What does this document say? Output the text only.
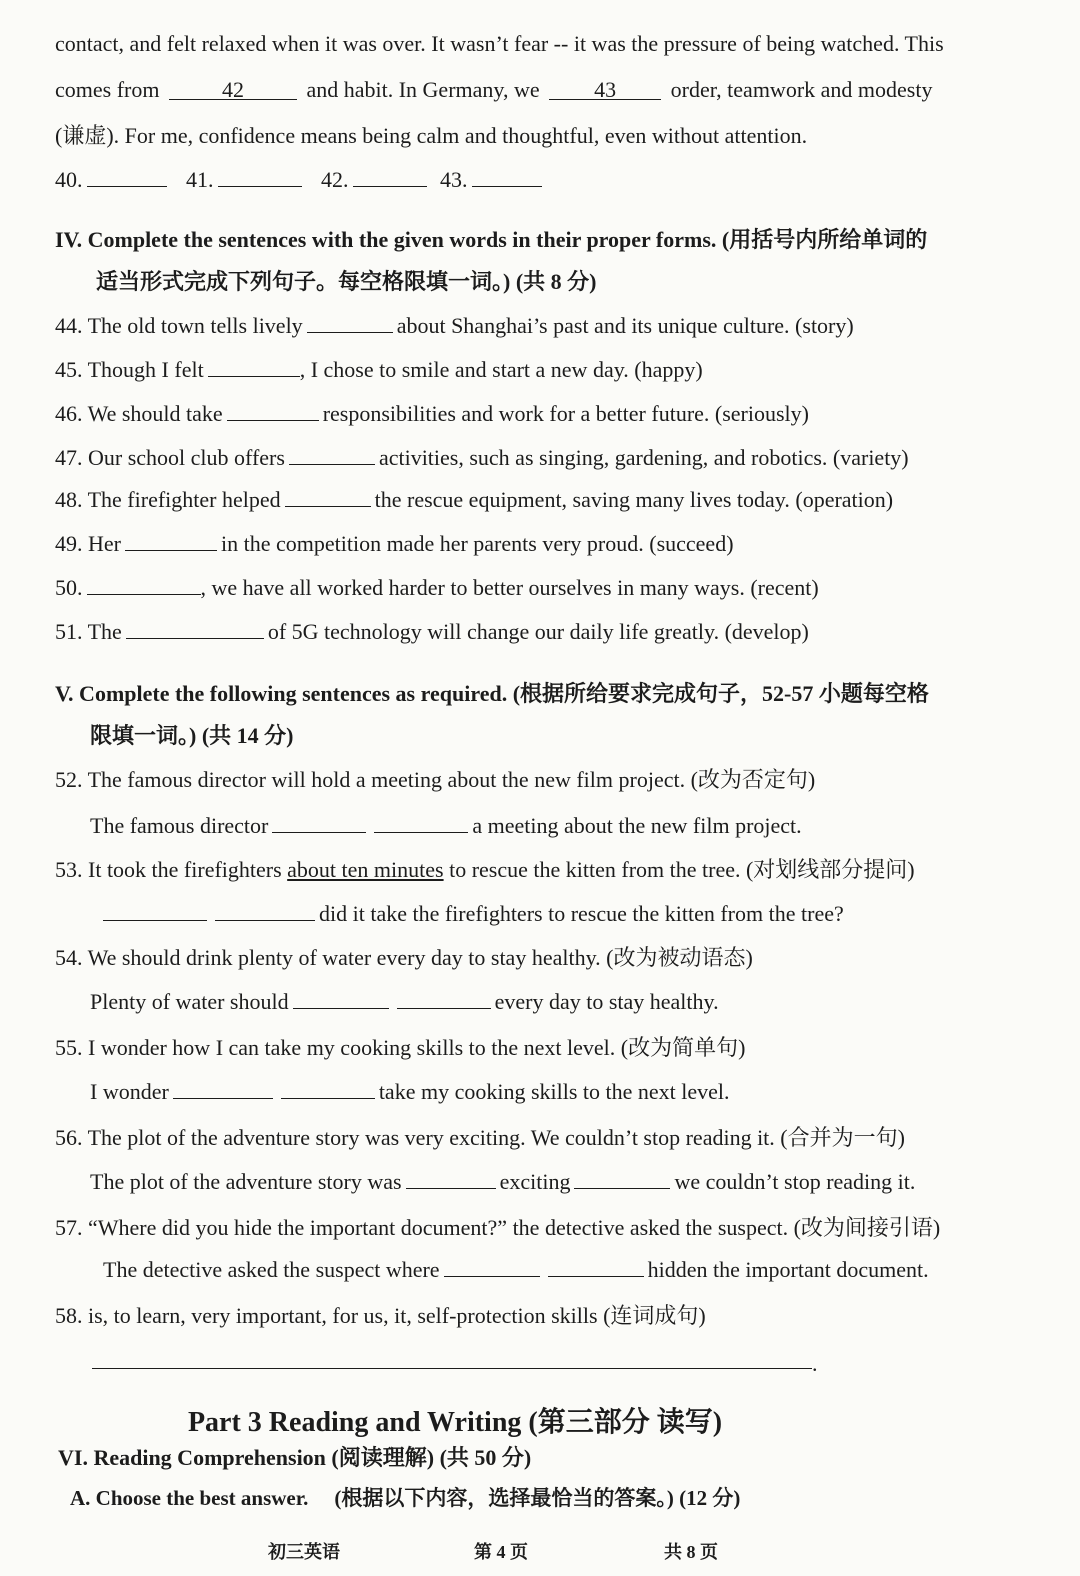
contact, and felt relaxed when it was over. It wasn’t fear -- it was the pressure of being watched. This
comes from	42	and habit. In Germany, we 43 order, teamwork and modesty
(谦虚). For me, confidence means being calm and thoughtful, even without attention.
40.	41.	42.	43.
IV. Complete the sentences with the given words in their proper forms. (用括号内所给单词的
适当形式完成下列句子。每空格限填一词。) (共 8 分)
44. The old town tells lively	about Shanghai’s past and its unique culture. (story)
45. Though I felt	, I chose to smile and start a new day. (happy)
46. We should take	responsibilities and work for a better future. (seriously)
47. Our school club offers	activities, such as singing, gardening, and robotics. (variety)
48. The firefighter helped	the rescue equipment, saving many lives today. (operation)
49. Her	in the competition made her parents very proud. (succeed)
50.	, we have all worked harder to better ourselves in many ways. (recent)
51. The	of 5G technology will change our daily life greatly. (develop)
V. Complete the following sentences as required. (根据所给要求完成句子，52-57 小题每空格
限填一词。) (共 14 分)
52. The famous director will hold a meeting about the new film project. (改为否定句)
The famous director	a meeting about the new film project.
53. It took the firefighters about ten minutes to rescue the kitten from the tree. (对划线部分提问)
did it take the firefighters to rescue the kitten from the tree?
54. We should drink plenty of water every day to stay healthy. (改为被动语态)
Plenty of water should	every day to stay healthy.
55. I wonder how I can take my cooking skills to the next level. (改为简单句)
I wonder	take my cooking skills to the next level.
56. The plot of the adventure story was very exciting. We couldn’t stop reading it. (合并为一句)
The plot of the adventure story was	exciting	we couldn’t stop reading it.
57. “Where did you hide the important document?” the detective asked the suspect. (改为间接引语)
The detective asked the suspect where	hidden the important document.
58. is, to learn, very important, for us, it, self-protection skills (连词成句)
.
Part 3 Reading and Writing (第三部分 读写)
VI. Reading Comprehension (阅读理解) (共 50 分)
A. Choose the best answer. (根据以下内容，选择最恰当的答案。) (12 分)
初三英语	第 4 页	共 8 页
